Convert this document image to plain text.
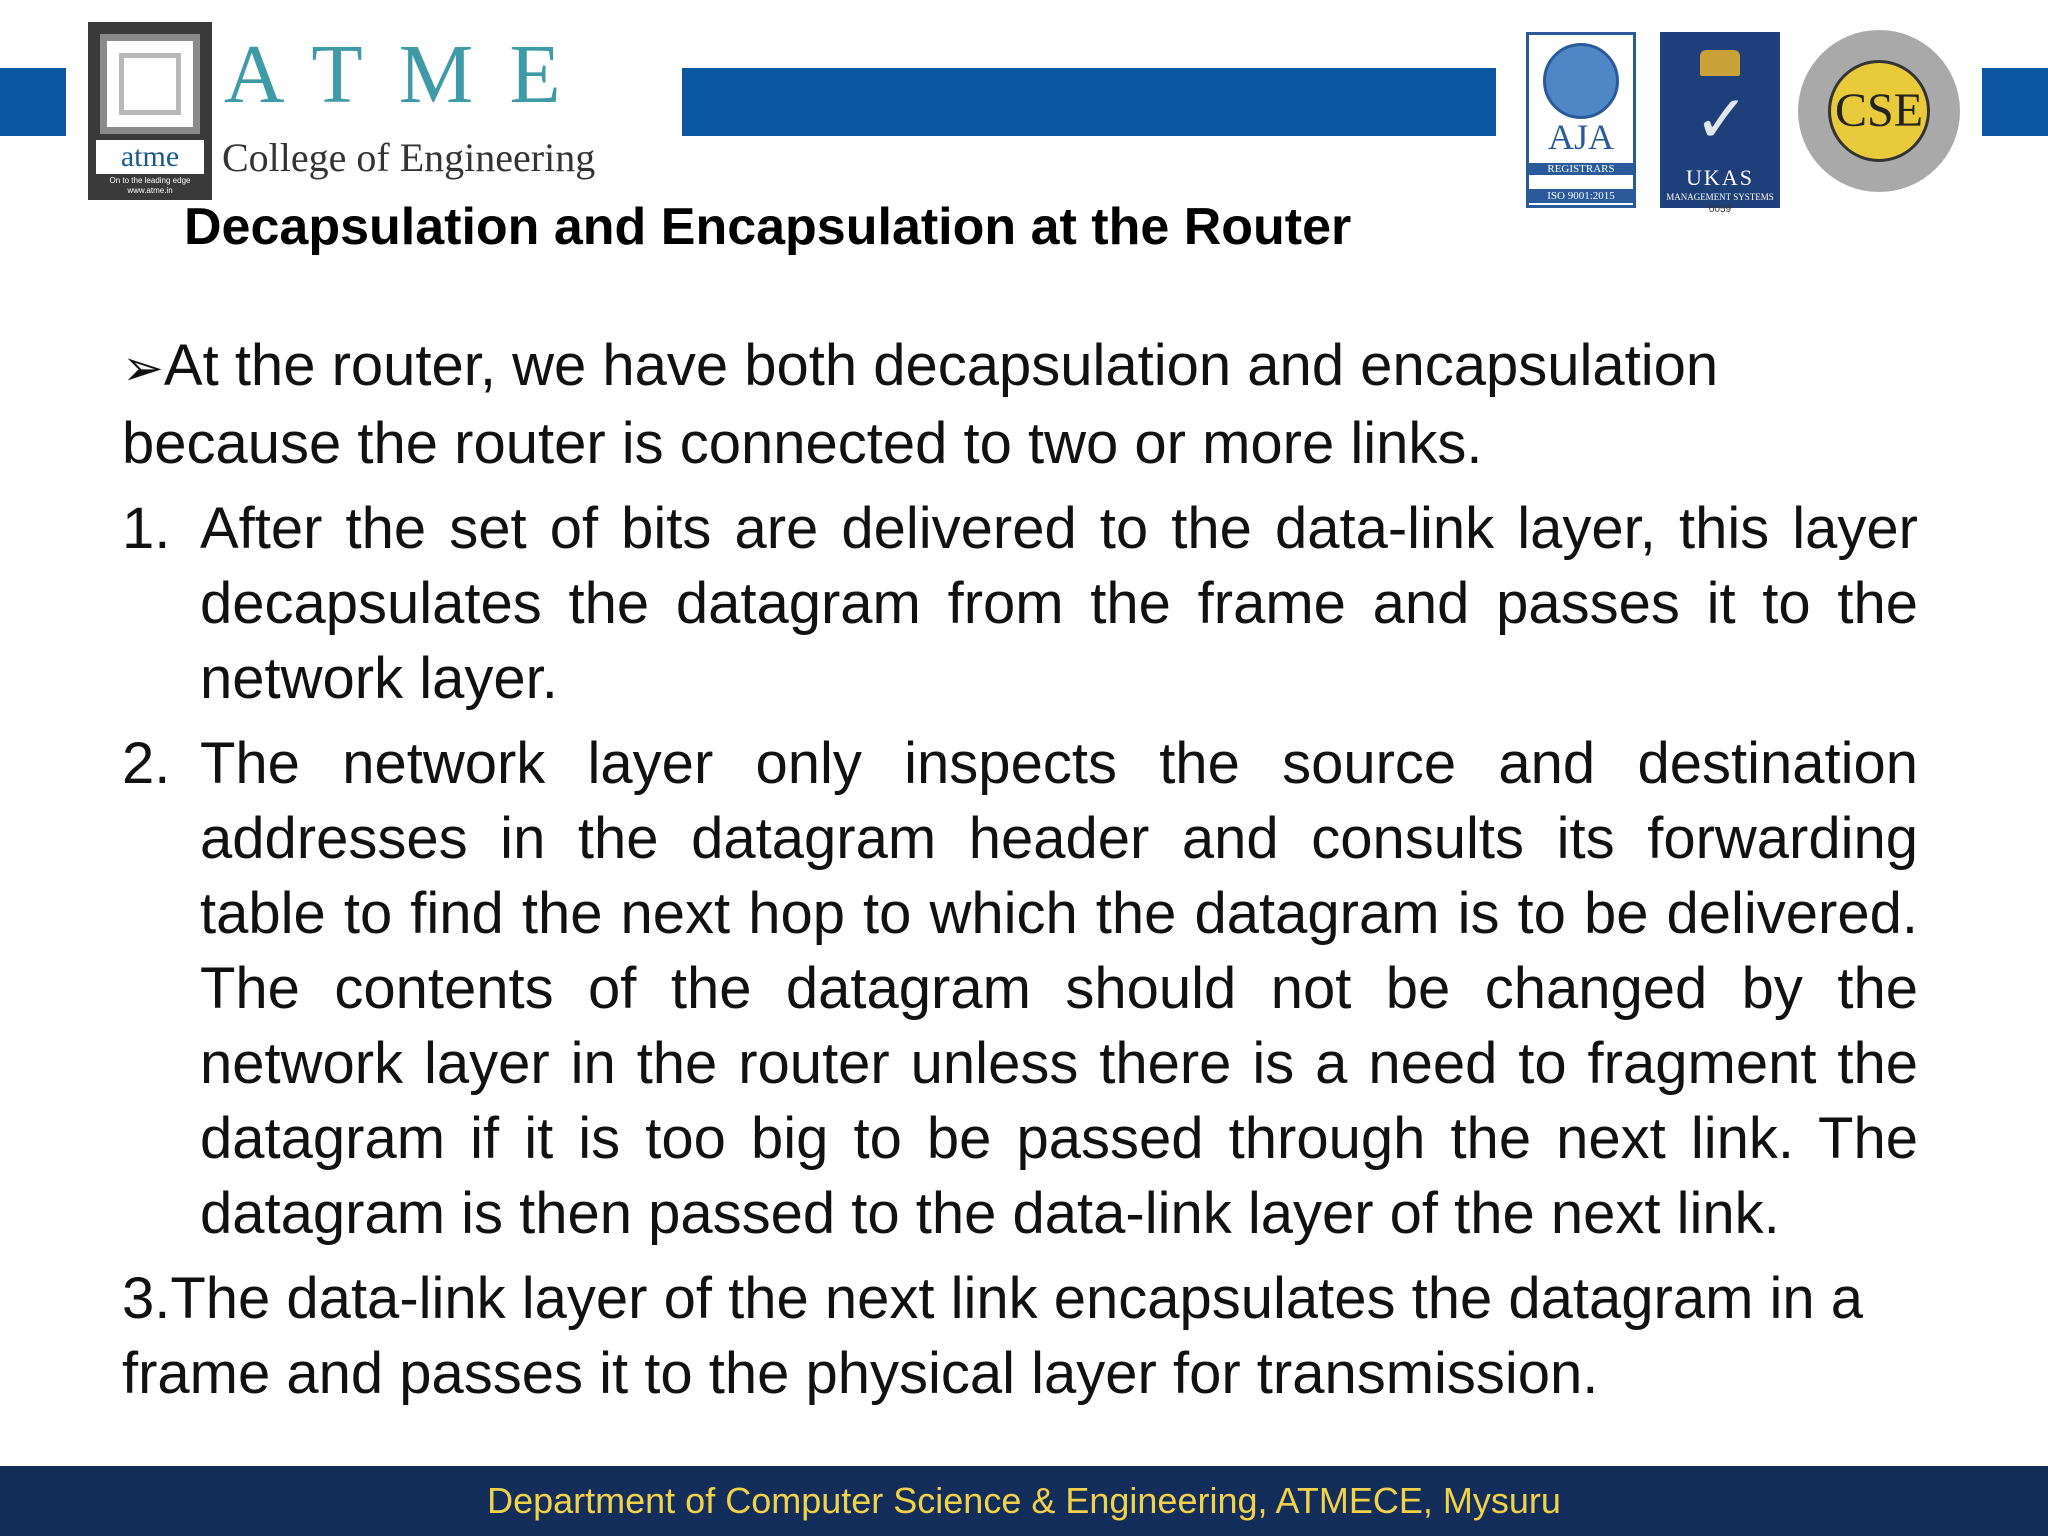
atme
On to the leading edge
www.atme.in
ATME
College of Engineering	AJA
REGISTRARS
ISO 9001:2015
✓
UKAS
MANAGEMENT SYSTEMS
0059
CSE
Decapsulation and Encapsulation at the Router

➢At the router, we have both decapsulation and encapsulation because the router is connected to two or more links.

1. After the set of bits are delivered to the data-link layer, this layer decapsulates the datagram from the frame and passes it to the network layer.
2. The network layer only inspects the source and destination addresses in the datagram header and consults its forwarding table to find the next hop to which the datagram is to be delivered. The contents of the datagram should not be changed by the network layer in the router unless there is a need to fragment the datagram if it is too big to be passed through the next link. The datagram is then passed to the data-link layer of the next link.

3.The data-link layer of the next link encapsulates the datagram in a frame and passes it to the physical layer for transmission.

Department of Computer Science & Engineering, ATMECE, Mysuru
